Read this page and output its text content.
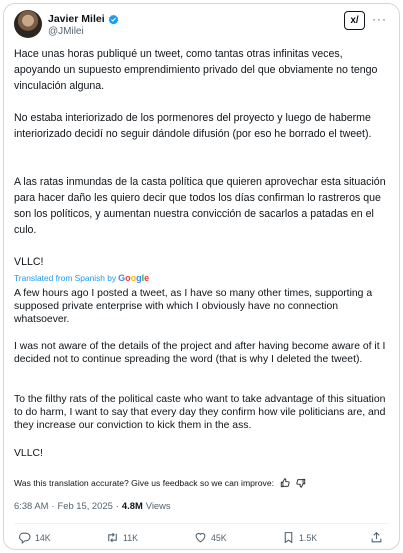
Javier Milei
@JMilei
x/	···

Hace unas horas publiqué un tweet, como tantas otras infinitas veces, apoyando un supuesto emprendimiento privado del que obviamente no tengo vinculación alguna.

No estaba interiorizado de los pormenores del proyecto y luego de haberme interiorizado decidí no seguir dándole difusión (por eso he borrado el tweet).

A las ratas inmundas de la casta política que quieren aprovechar esta situación para hacer daño les quiero decir que todos los días confirman lo rastreros que son los políticos, y aumentan nuestra convicción de sacarlos a patadas en el culo.

VLLC!

Translated from Spanish by Google

A few hours ago I posted a tweet, as I have so many other times, supporting a supposed private enterprise with which I obviously have no connection whatsoever.

I was not aware of the details of the project and after having become aware of it I decided not to continue spreading the word (that is why I deleted the tweet).

To the filthy rats of the political caste who want to take advantage of this situation to do harm, I want to say that every day they confirm how vile politicians are, and they increase our conviction to kick them in the ass.

VLLC!

Was this translation accurate? Give us feedback so we can improve:
6:38 AM · Feb 15, 2025 · 4.8M Views
14K	11K	45K	1.5K
